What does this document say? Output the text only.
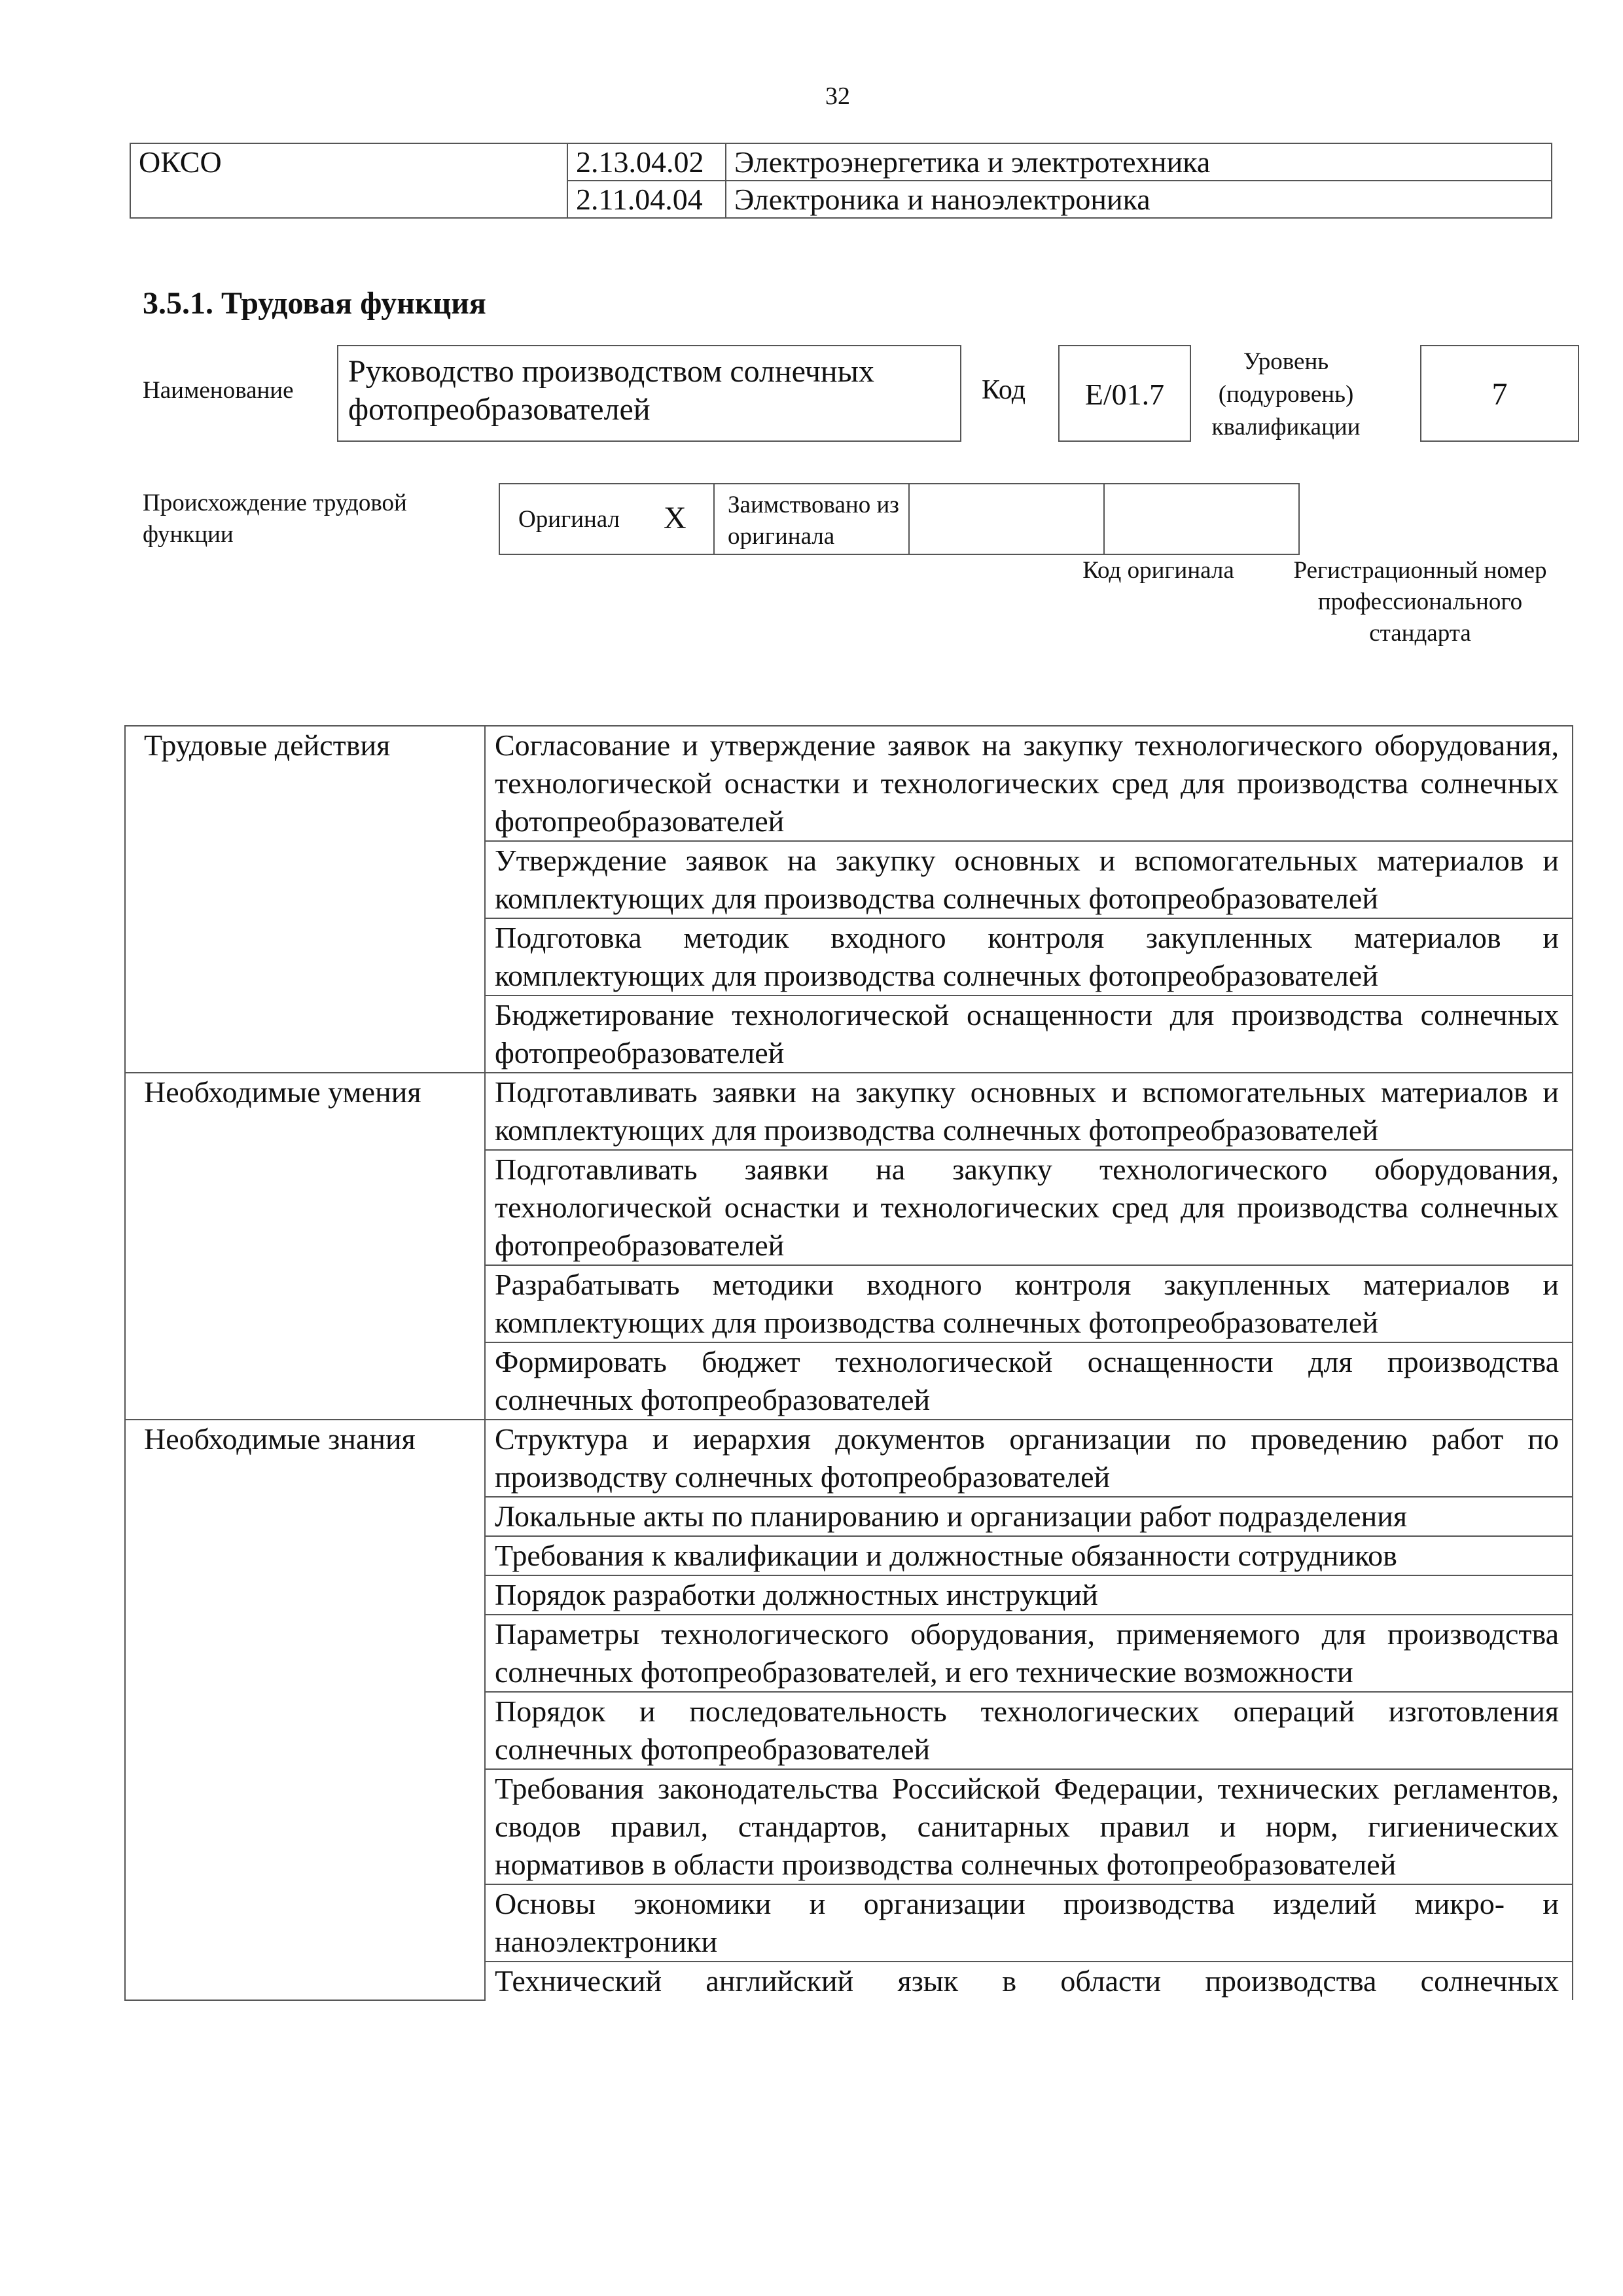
32
ОКСО	2.13.04.02	Электроэнергетика и электротехника
	2.11.04.04	Электроника и наноэлектроника
3.5.1. Трудовая функция
Наименование
Руководство производством солнечных фотопреобразователей
Код	E/01.7
Уровень (подуровень) квалификации
7
Происхождение трудовой функции
Оригинал X Заимствовано из оригинала
Код оригинала	Регистрационный номер профессионального стандарта
Трудовые действия	Согласование и утверждение заявок на закупку технологического оборудования, технологической оснастки и технологических сред для производства солнечных фотопреобразователей
	Утверждение заявок на закупку основных и вспомогательных материалов и комплектующих для производства солнечных фотопреобразователей
	Подготовка методик входного контроля закупленных материалов и комплектующих для производства солнечных фотопреобразователей
	Бюджетирование технологической оснащенности для производства солнечных фотопреобразователей
Необходимые умения	Подготавливать заявки на закупку основных и вспомогательных материалов и комплектующих для производства солнечных фотопреобразователей
	Подготавливать заявки на закупку технологического оборудования, технологической оснастки и технологических сред для производства солнечных фотопреобразователей
	Разрабатывать методики входного контроля закупленных материалов и комплектующих для производства солнечных фотопреобразователей
	Формировать бюджет технологической оснащенности для производства солнечных фотопреобразователей
Необходимые знания	Структура и иерархия документов организации по проведению работ по производству солнечных фотопреобразователей
	Локальные акты по планированию и организации работ подразделения
	Требования к квалификации и должностные обязанности сотрудников
	Порядок разработки должностных инструкций
	Параметры технологического оборудования, применяемого для производства солнечных фотопреобразователей, и его технические возможности
	Порядок и последовательность технологических операций изготовления солнечных фотопреобразователей
	Требования законодательства Российской Федерации, технических регламентов, сводов правил, стандартов, санитарных правил и норм, гигиенических нормативов в области производства солнечных фотопреобразователей
	Основы экономики и организации производства изделий микро- и наноэлектроники
	Технический английский язык в области производства солнечных
